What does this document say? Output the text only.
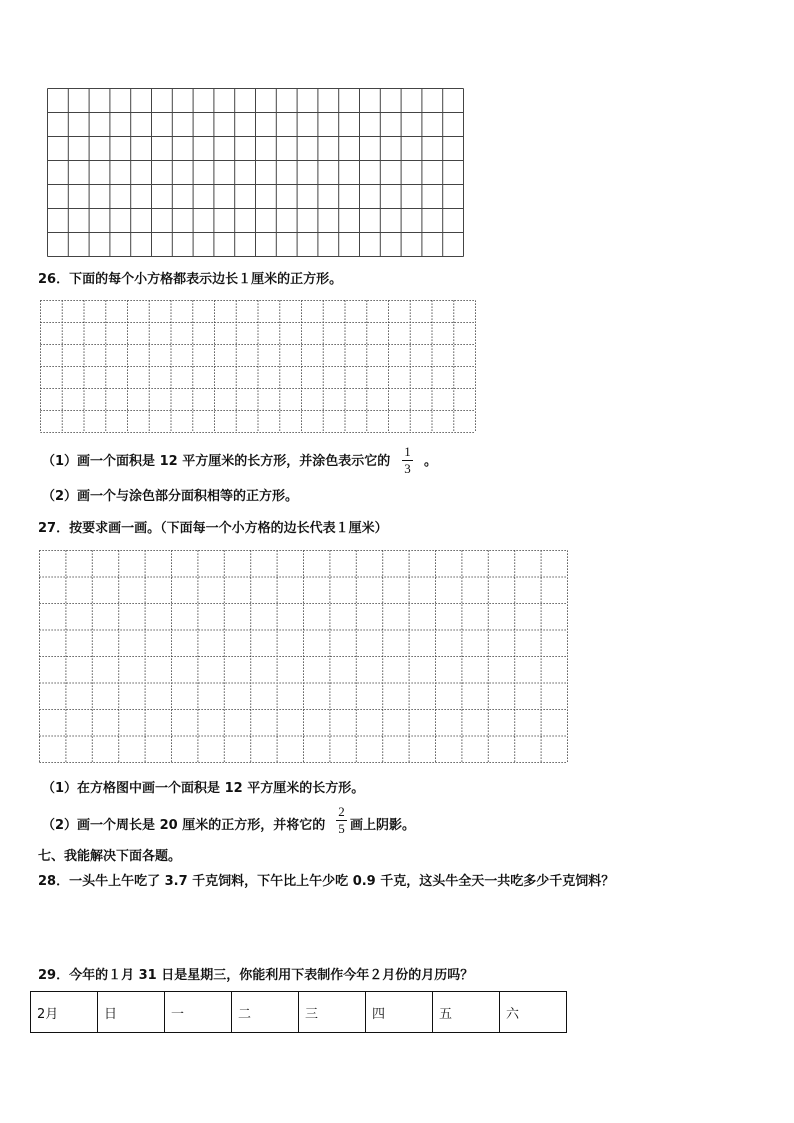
26．下面的每个小方格都表示边长１厘米的正方形。
（1）画一个面积是 12 平方厘米的长方形，并涂色表示它的
1
3 。
（2）画一个与涂色部分面积相等的正方形。
27．按要求画一画。（下面每一个小方格的边长代表１厘米）
（1）在方格图中画一个面积是 12 平方厘米的长方形。
（2）画一个周长是 20 厘米的正方形，并将它的
2
5 画上阴影。
七、我能解决下面各题。
28．一头牛上午吃了 3.7 千克饲料，下午比上午少吃 0.9 千克，这头牛全天一共吃多少千克饲料？
29．今年的１月 31 日是星期三，你能利用下表制作今年２月份的月历吗？
2月	日	一	二	三	四	五	六
